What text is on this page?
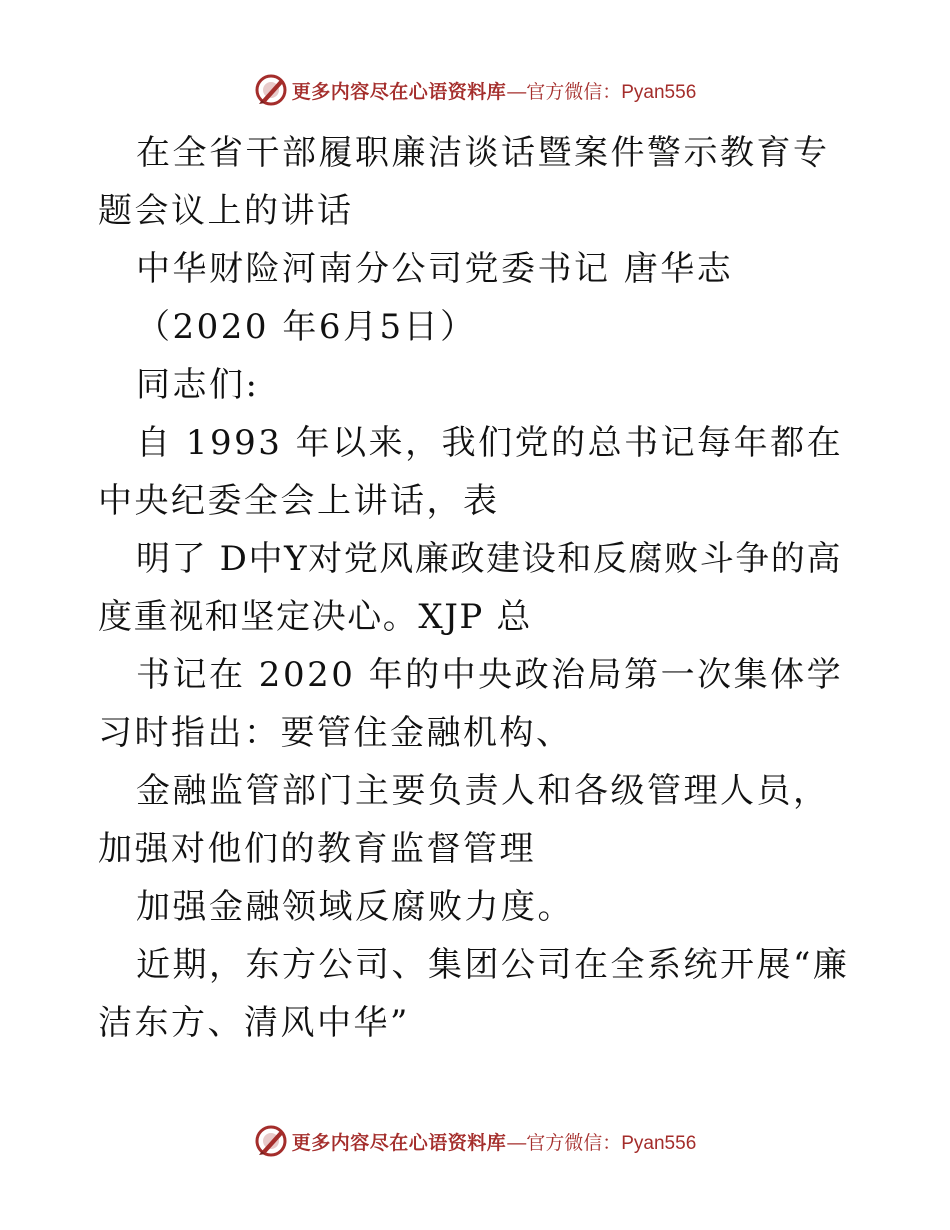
更多内容尽在心语资料库 —官方微信：Pyan556

在全省干部履职廉洁谈话暨案件警示教育专题会议上的讲话

中华财险河南分公司党委书记 唐华志

（2020 年6月5日）

同志们:

自 1993 年以来，我们党的总书记每年都在中央纪委全会上讲话，表

明了 D中Y对党风廉政建设和反腐败斗争的高度重视和坚定决心。XJP 总

书记在 2020 年的中央政治局第一次集体学习时指出：要管住金融机构、

金融监管部门主要负责人和各级管理人员，加强对他们的教育监督管理

加强金融领域反腐败力度。

近期，东方公司、集团公司在全系统开展“廉洁东方、清风中华”

更多内容尽在心语资料库 —官方微信：Pyan556
